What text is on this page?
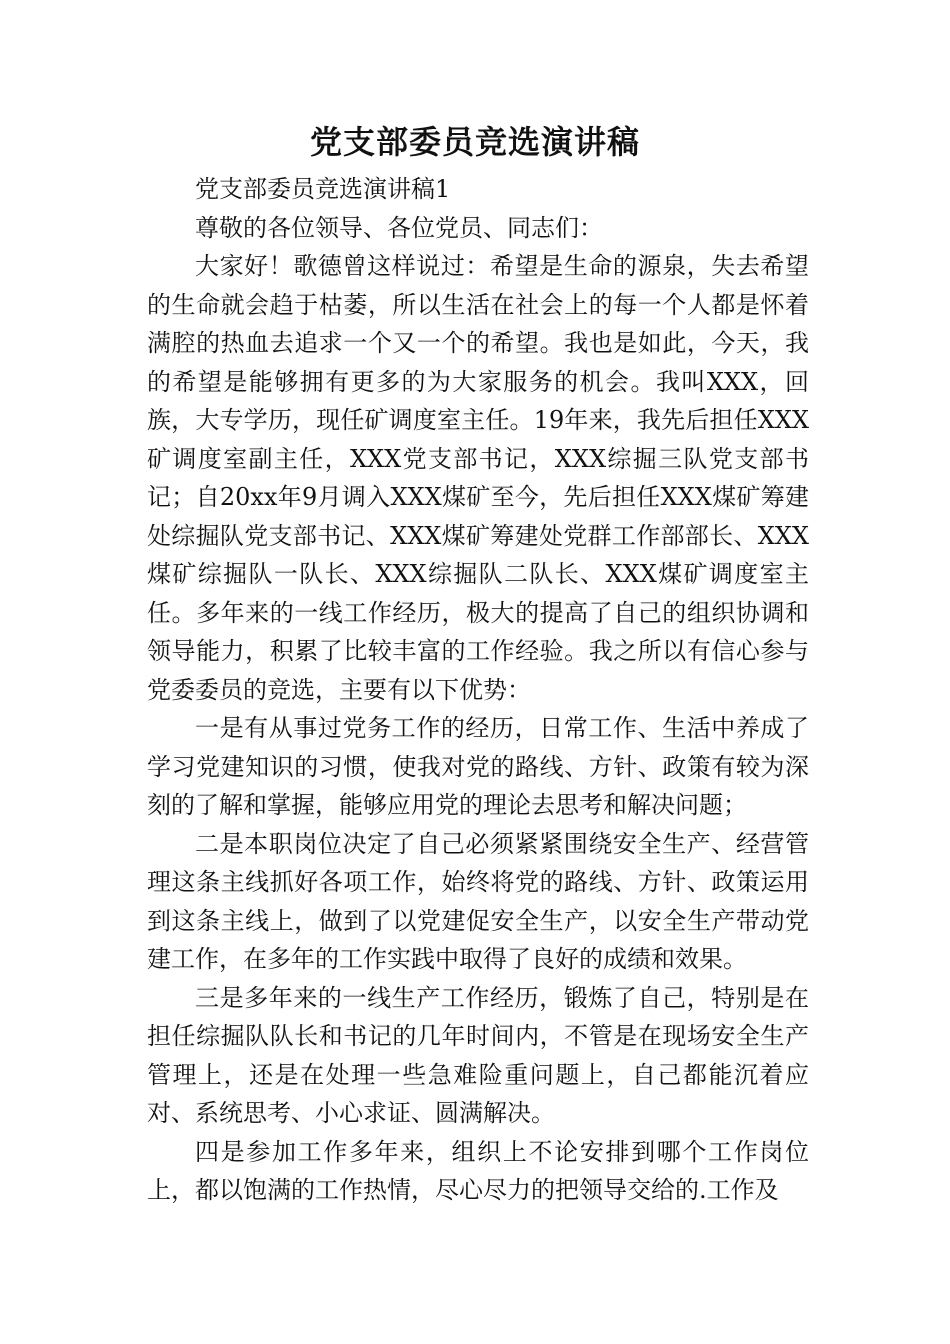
党支部委员竞选演讲稿

党支部委员竞选演讲稿1

尊敬的各位领导、各位党员、同志们：

大家好！歌德曾这样说过：希望是生命的源泉，失去希望的生命就会趋于枯萎，所以生活在社会上的每一个人都是怀着满腔的热血去追求一个又一个的希望。我也是如此，今天，我的希望是能够拥有更多的为大家服务的机会。我叫XXX，回族，大专学历，现任矿调度室主任。19年来，我先后担任XXX矿调度室副主任，XXX党支部书记，XXX综掘三队党支部书记；自20xx年9月调入XXX煤矿至今，先后担任XXX煤矿筹建处综掘队党支部书记、XXX煤矿筹建处党群工作部部长、XXX煤矿综掘队一队长、XXX综掘队二队长、XXX煤矿调度室主任。多年来的一线工作经历，极大的提高了自己的组织协调和领导能力，积累了比较丰富的工作经验。我之所以有信心参与党委委员的竞选，主要有以下优势：

一是有从事过党务工作的经历，日常工作、生活中养成了学习党建知识的习惯，使我对党的路线、方针、政策有较为深刻的了解和掌握，能够应用党的理论去思考和解决问题；

二是本职岗位决定了自己必须紧紧围绕安全生产、经营管理这条主线抓好各项工作，始终将党的路线、方针、政策运用到这条主线上，做到了以党建促安全生产，以安全生产带动党建工作，在多年的工作实践中取得了良好的成绩和效果。

三是多年来的一线生产工作经历，锻炼了自己，特别是在担任综掘队队长和书记的几年时间内，不管是在现场安全生产管理上，还是在处理一些急难险重问题上，自己都能沉着应对、系统思考、小心求证、圆满解决。

四是参加工作多年来，组织上不论安排到哪个工作岗位上，都以饱满的工作热情，尽心尽力的把领导交给的.工作及
